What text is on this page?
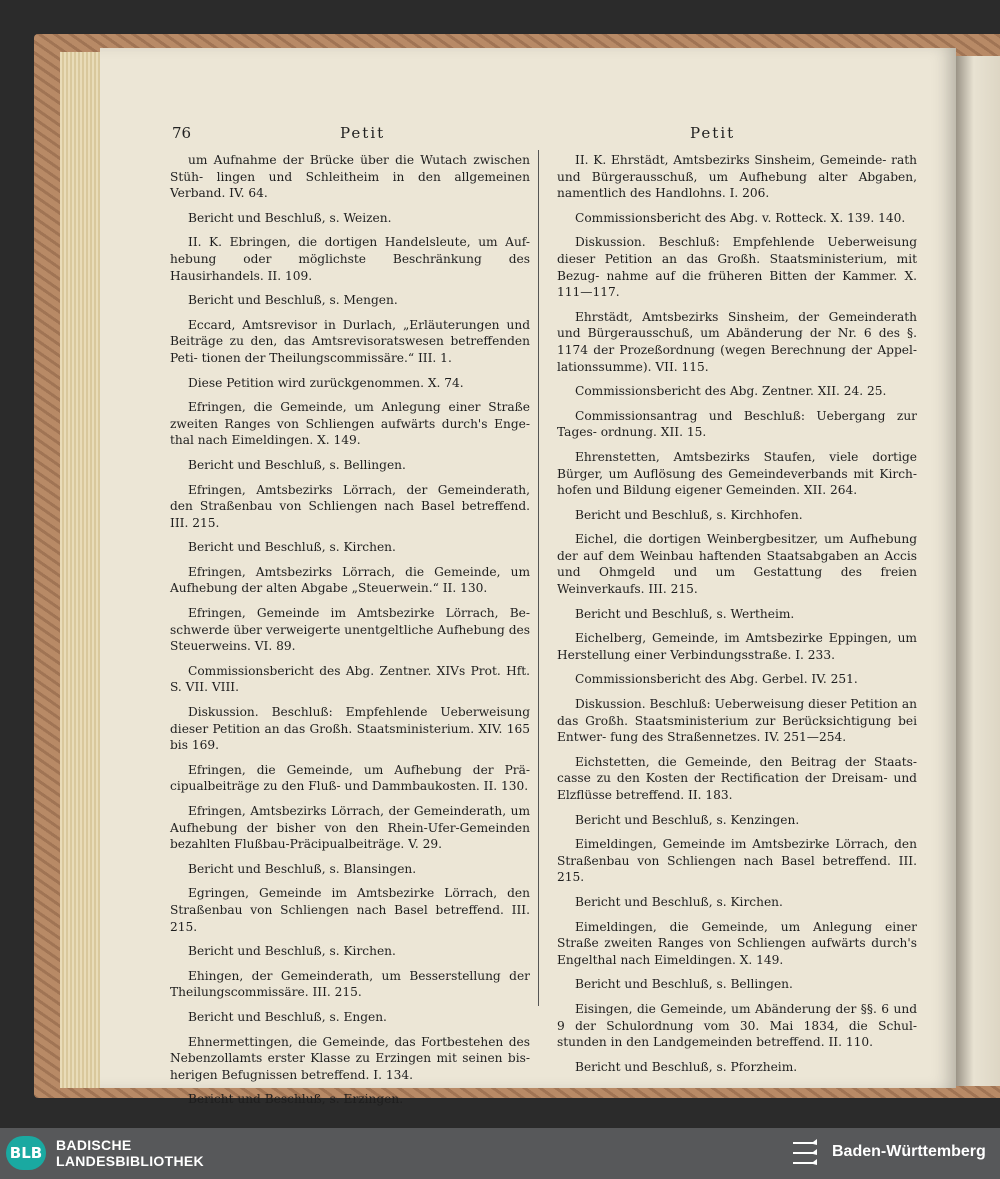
76	Petit	Petit

um Aufnahme der Brücke über die Wutach zwischen Stüh- lingen und Schleitheim in den allgemeinen Verband. IV. 64.

Bericht und Beschluß, s. Weizen.

II. K. Ebringen, die dortigen Handelsleute, um Auf- hebung oder möglichste Beschränkung des Hausirhandels. II. 109.

Bericht und Beschluß, s. Mengen.

Eccard, Amtsrevisor in Durlach, „Erläuterungen und Beiträge zu den, das Amtsrevisoratswesen betreffenden Peti- tionen der Theilungscommissäre.“ III. 1.

Diese Petition wird zurückgenommen. X. 74.

Efringen, die Gemeinde, um Anlegung einer Straße zweiten Ranges von Schliengen aufwärts durch's Enge- thal nach Eimeldingen. X. 149.

Bericht und Beschluß, s. Bellingen.

Efringen, Amtsbezirks Lörrach, der Gemeinderath, den Straßenbau von Schliengen nach Basel betreffend. III. 215.

Bericht und Beschluß, s. Kirchen.

Efringen, Amtsbezirks Lörrach, die Gemeinde, um Aufhebung der alten Abgabe „Steuerwein.“ II. 130.

Efringen, Gemeinde im Amtsbezirke Lörrach, Be- schwerde über verweigerte unentgeltliche Aufhebung des Steuerweins. VI. 89.

Commissionsbericht des Abg. Zentner. XIVs Prot. Hft. S. VII. VIII.

Diskussion. Beschluß: Empfehlende Ueberweisung dieser Petition an das Großh. Staatsministerium. XIV. 165 bis 169.

Efringen, die Gemeinde, um Aufhebung der Prä- cipualbeiträge zu den Fluß- und Dammbaukosten. II. 130.

Efringen, Amtsbezirks Lörrach, der Gemeinderath, um Aufhebung der bisher von den Rhein-Ufer-Gemeinden bezahlten Flußbau-Präcipualbeiträge. V. 29.

Bericht und Beschluß, s. Blansingen.

Egringen, Gemeinde im Amtsbezirke Lörrach, den Straßenbau von Schliengen nach Basel betreffend. III. 215.

Bericht und Beschluß, s. Kirchen.

Ehingen, der Gemeinderath, um Besserstellung der Theilungscommissäre. III. 215.

Bericht und Beschluß, s. Engen.

Ehnermettingen, die Gemeinde, das Fortbestehen des Nebenzollamts erster Klasse zu Erzingen mit seinen bis- herigen Befugnissen betreffend. I. 134.

Bericht und Beschluß, s. Erzingen.

II. K. Ehrstädt, Amtsbezirks Sinsheim, Gemeinde- rath und Bürgerausschuß, um Aufhebung alter Abgaben, namentlich des Handlohns. I. 206.

Commissionsbericht des Abg. v. Rotteck. X. 139. 140.

Diskussion. Beschluß: Empfehlende Ueberweisung dieser Petition an das Großh. Staatsministerium, mit Bezug- nahme auf die früheren Bitten der Kammer. X. 111—117.

Ehrstädt, Amtsbezirks Sinsheim, der Gemeinderath und Bürgerausschuß, um Abänderung der Nr. 6 des §. 1174 der Prozeßordnung (wegen Berechnung der Appel- lationssumme). VII. 115.

Commissionsbericht des Abg. Zentner. XII. 24. 25.

Commissionsantrag und Beschluß: Uebergang zur Tages- ordnung. XII. 15.

Ehrenstetten, Amtsbezirks Staufen, viele dortige Bürger, um Auflösung des Gemeindeverbands mit Kirch- hofen und Bildung eigener Gemeinden. XII. 264.

Bericht und Beschluß, s. Kirchhofen.

Eichel, die dortigen Weinbergbesitzer, um Aufhebung der auf dem Weinbau haftenden Staatsabgaben an Accis und Ohmgeld und um Gestattung des freien Weinverkaufs. III. 215.

Bericht und Beschluß, s. Wertheim.

Eichelberg, Gemeinde, im Amtsbezirke Eppingen, um Herstellung einer Verbindungsstraße. I. 233.

Commissionsbericht des Abg. Gerbel. IV. 251.

Diskussion. Beschluß: Ueberweisung dieser Petition an das Großh. Staatsministerium zur Berücksichtigung bei Entwer- fung des Straßennetzes. IV. 251—254.

Eichstetten, die Gemeinde, den Beitrag der Staats- casse zu den Kosten der Rectification der Dreisam- und Elzflüsse betreffend. II. 183.

Bericht und Beschluß, s. Kenzingen.

Eimeldingen, Gemeinde im Amtsbezirke Lörrach, den Straßenbau von Schliengen nach Basel betreffend. III. 215.

Bericht und Beschluß, s. Kirchen.

Eimeldingen, die Gemeinde, um Anlegung einer Straße zweiten Ranges von Schliengen aufwärts durch's Engelthal nach Eimeldingen. X. 149.

Bericht und Beschluß, s. Bellingen.

Eisingen, die Gemeinde, um Abänderung der §§. 6 und 9 der Schulordnung vom 30. Mai 1834, die Schul- stunden in den Landgemeinden betreffend. II. 110.

Bericht und Beschluß, s. Pforzheim.

BLB BADISCHE
LANDESBIBLIOTHEK
Baden-Württemberg
